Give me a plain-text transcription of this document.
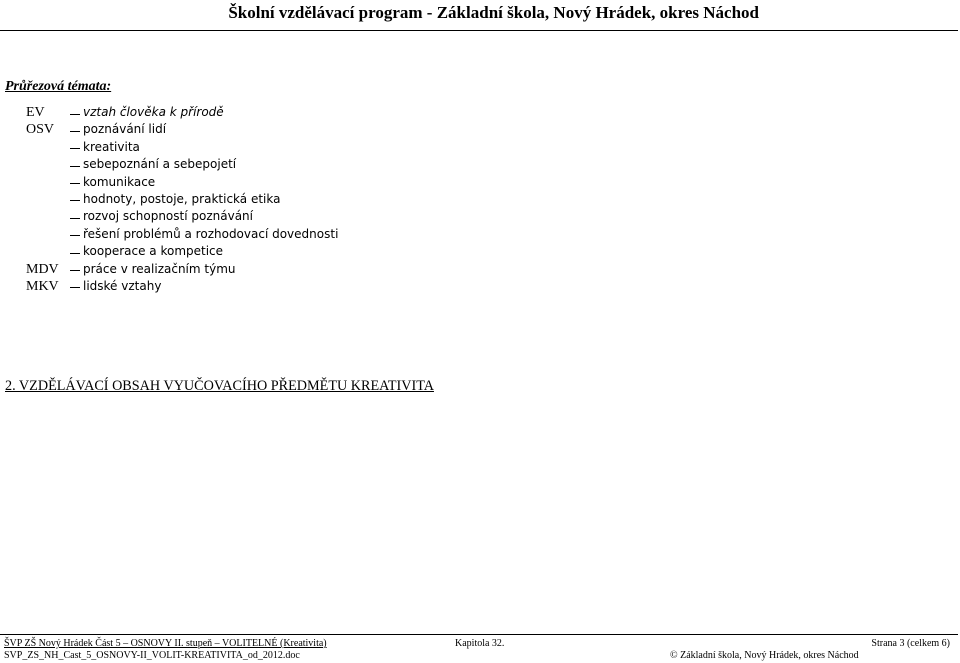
Školní vzdělávací program - Základní škola, Nový Hrádek, okres Náchod
Průřezová témata:
EV	vztah člověka k přírodě
OSV poznávání lidí
kreativita
sebepoznání a sebepojetí
komunikace
hodnoty, postoje, praktická etika
rozvoj schopností poznávání
řešení problémů a rozhodovací dovednosti
kooperace a kompetice
MDV práce v realizačním týmu
MKV lidské vztahy
2. VZDĚLÁVACÍ OBSAH VYUČOVACÍHO PŘEDMĚTU KREATIVITA
ŠVP ZŠ Nový Hrádek Část 5 – OSNOVY II. stupeň – VOLITELNÉ (Kreativita)	Kapitola 32.	Strana 3 (celkem 6)
SVP_ZS_NH_Cast_5_OSNOVY-II_VOLIT-KREATIVITA_od_2012.doc	© Základní škola, Nový Hrádek, okres Náchod
